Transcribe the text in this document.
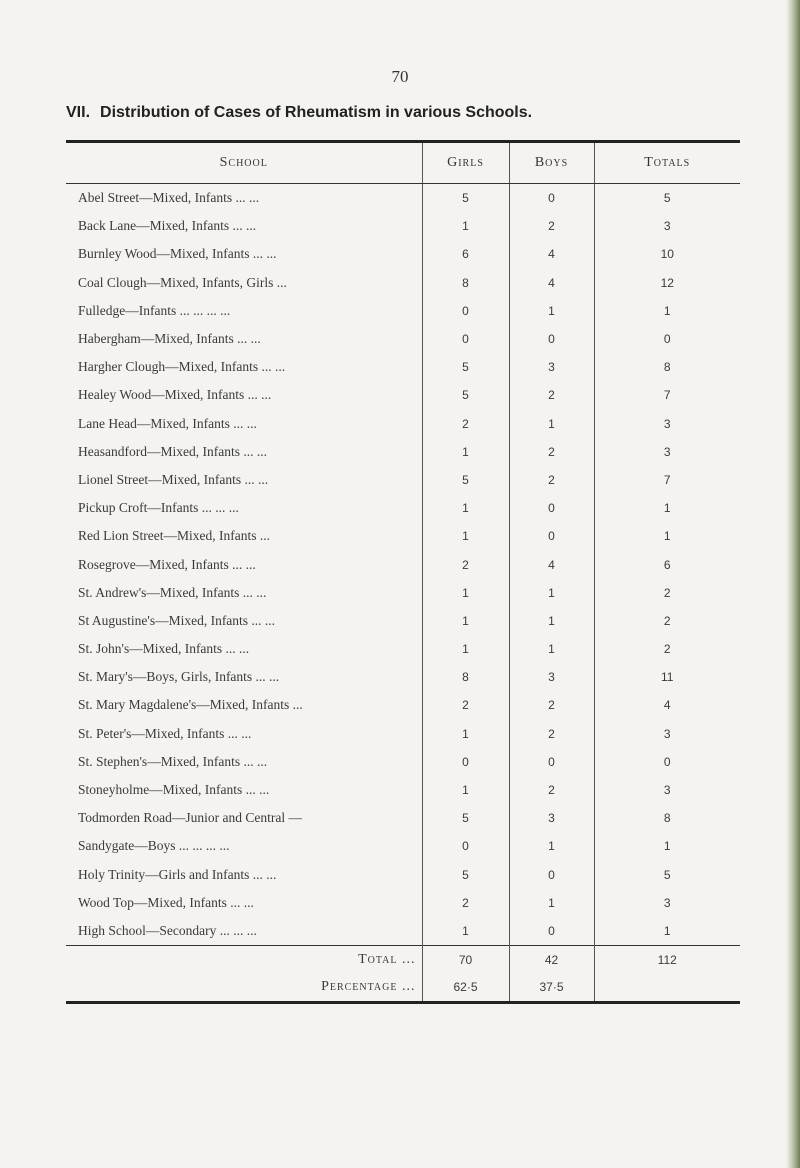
70
VII. Distribution of Cases of Rheumatism in various Schools.
School	Girls	Boys	Totals
Abel Street—Mixed, Infants ... ...	5	0	5
Back Lane—Mixed, Infants ... ...	1	2	3
Burnley Wood—Mixed, Infants ... ...	6	4	10
Coal Clough—Mixed, Infants, Girls ...	8	4	12
Fulledge—Infants ... ... ... ...	0	1	1
Habergham—Mixed, Infants ... ...	0	0	0
Hargher Clough—Mixed, Infants ... ...	5	3	8
Healey Wood—Mixed, Infants ... ...	5	2	7
Lane Head—Mixed, Infants ... ...	2	1	3
Heasandford—Mixed, Infants ... ...	1	2	3
Lionel Street—Mixed, Infants ... ...	5	2	7
Pickup Croft—Infants ... ... ...	1	0	1
Red Lion Street—Mixed, Infants ...	1	0	1
Rosegrove—Mixed, Infants ... ...	2	4	6
St. Andrew's—Mixed, Infants ... ...	1	1	2
St Augustine's—Mixed, Infants ... ...	1	1	2
St. John's—Mixed, Infants ... ...	1	1	2
St. Mary's—Boys, Girls, Infants ... ...	8	3	11
St. Mary Magdalene's—Mixed, Infants ...	2	2	4
St. Peter's—Mixed, Infants ... ...	1	2	3
St. Stephen's—Mixed, Infants ... ...	0	0	0
Stoneyholme—Mixed, Infants ... ...	1	2	3
Todmorden Road—Junior and Central —	5	3	8
Sandygate—Boys ... ... ... ...	0	1	1
Holy Trinity—Girls and Infants ... ...	5	0	5
Wood Top—Mixed, Infants ... ...	2	1	3
High School—Secondary ... ... ...	1	0	1
Total ...	70	42	112
Percentage ...	62·5	37·5	
